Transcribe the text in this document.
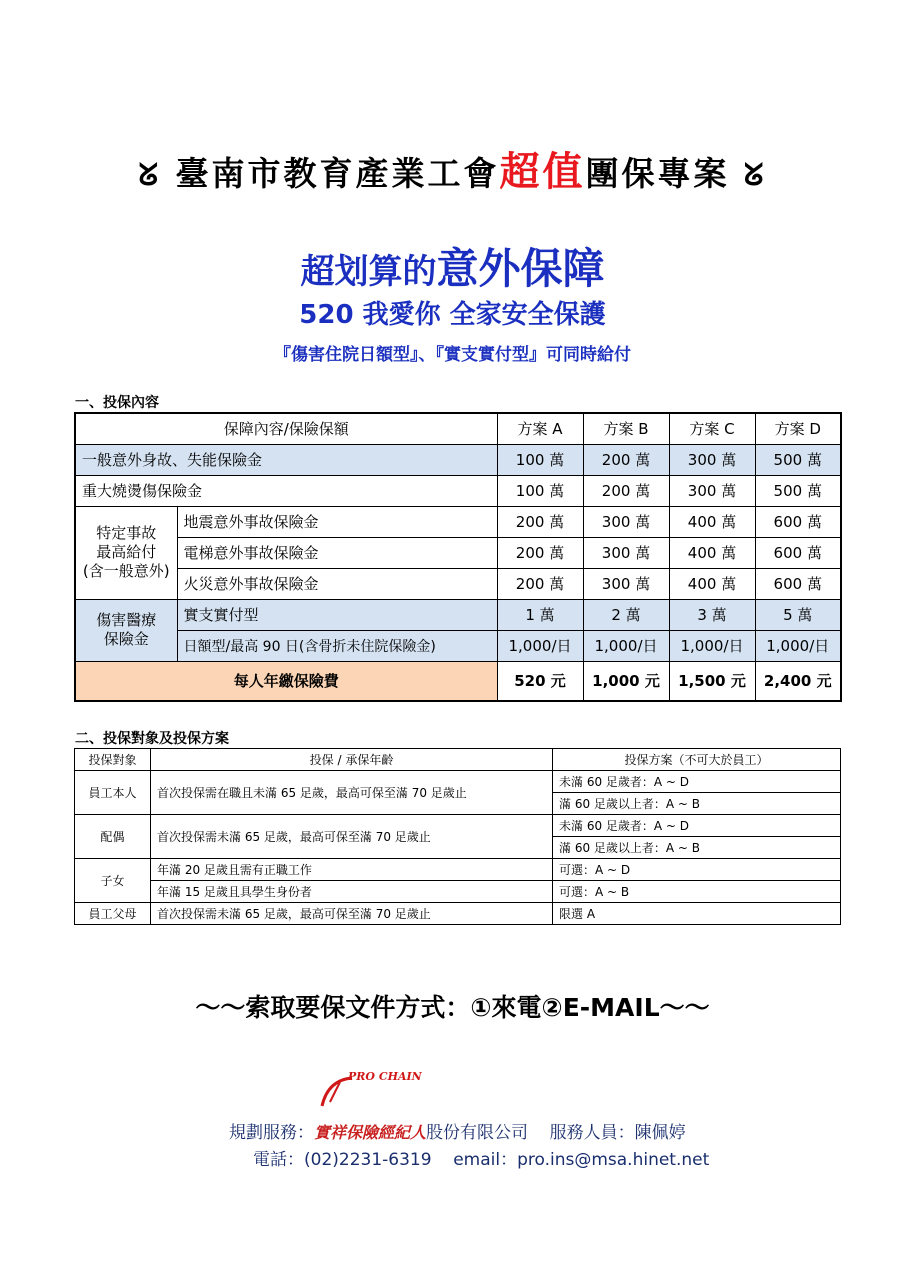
ᘜ 臺南市教育產業工會超值團保專案 ᘜ
超划算的意外保障
520 我愛你 全家安全保護
『傷害住院日額型』、『實支實付型』可同時給付
一、投保內容
保障內容/保險保額		方案 A	方案 B	方案 C	方案 D
一般意外身故、失能保險金		100 萬	200 萬	300 萬	500 萬
重大燒燙傷保險金		100 萬	200 萬	300 萬	500 萬
特定事故
最高給付
(含一般意外)	地震意外事故保險金	200 萬	300 萬	400 萬	600 萬
	電梯意外事故保險金	200 萬	300 萬	400 萬	600 萬
	火災意外事故保險金	200 萬	300 萬	400 萬	600 萬
傷害醫療
保險金	實支實付型	1 萬	2 萬	3 萬	5 萬
	日額型/最高 90 日(含骨折未住院保險金)	1,000/日	1,000/日	1,000/日	1,000/日
每人年繳保險費		520 元	1,000 元	1,500 元	2,400 元
二、投保對象及投保方案
投保對象	投保 / 承保年齡	投保方案（不可大於員工）
員工本人	首次投保需在職且未滿 65 足歲，最高可保至滿 70 足歲止	未滿 60 足歲者：A ~ D
		滿 60 足歲以上者：A ~ B
配偶	首次投保需未滿 65 足歲，最高可保至滿 70 足歲止	未滿 60 足歲者：A ~ D
		滿 60 足歲以上者：A ~ B
子女	年滿 20 足歲且需有正職工作	可選：A ~ D
	年滿 15 足歲且具學生身份者	可選：A ~ B
員工父母	首次投保需未滿 65 足歲，最高可保至滿 70 足歲止	限選 A
～～索取要保文件方式：①來電②E-MAIL～～
PRO CHAIN
規劃服務：實祥保險經紀人股份有限公司 服務人員：陳佩婷
電話：(02)2231-6319 email：pro.ins@msa.hinet.net
